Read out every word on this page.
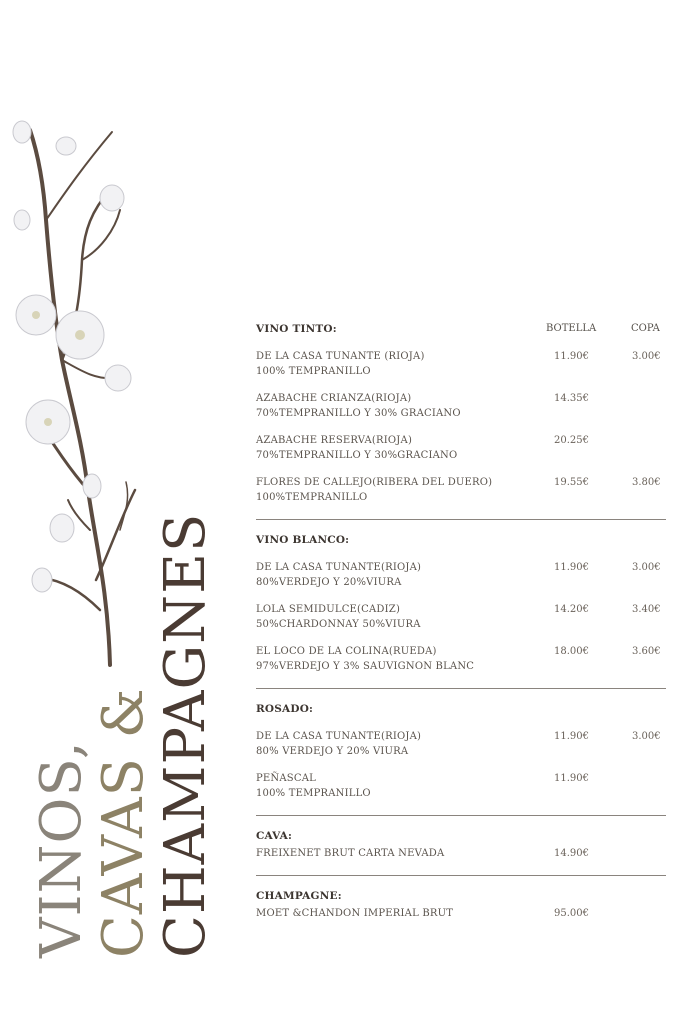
VINOS,
CAVAS &
CHAMPAGNES
VINO TINTO:	BOTELLA	COPA
DE LA CASA TUNANTE (RIOJA)
100% TEMPRANILLO
11.90€	3.00€
AZABACHE CRIANZA(RIOJA)
70%TEMPRANILLO Y 30% GRACIANO
14.35€
AZABACHE RESERVA(RIOJA)
70%TEMPRANILLO Y 30%GRACIANO
20.25€
FLORES DE CALLEJO(RIBERA DEL DUERO)
100%TEMPRANILLO
19.55€	3.80€
VINO BLANCO:
DE LA CASA TUNANTE(RIOJA)
80%VERDEJO Y 20%VIURA
11.90€	3.00€
LOLA SEMIDULCE(CADIZ)
50%CHARDONNAY 50%VIURA
14.20€	3.40€
EL LOCO DE LA COLINA(RUEDA)
97%VERDEJO Y 3% SAUVIGNON BLANC
18.00€	3.60€
ROSADO:
DE LA CASA TUNANTE(RIOJA)
80% VERDEJO Y 20% VIURA
11.90€	3.00€
PEÑASCAL
100% TEMPRANILLO
11.90€
CAVA:
FREIXENET BRUT CARTA NEVADA	14.90€
CHAMPAGNE:
MOET &CHANDON IMPERIAL BRUT	95.00€
